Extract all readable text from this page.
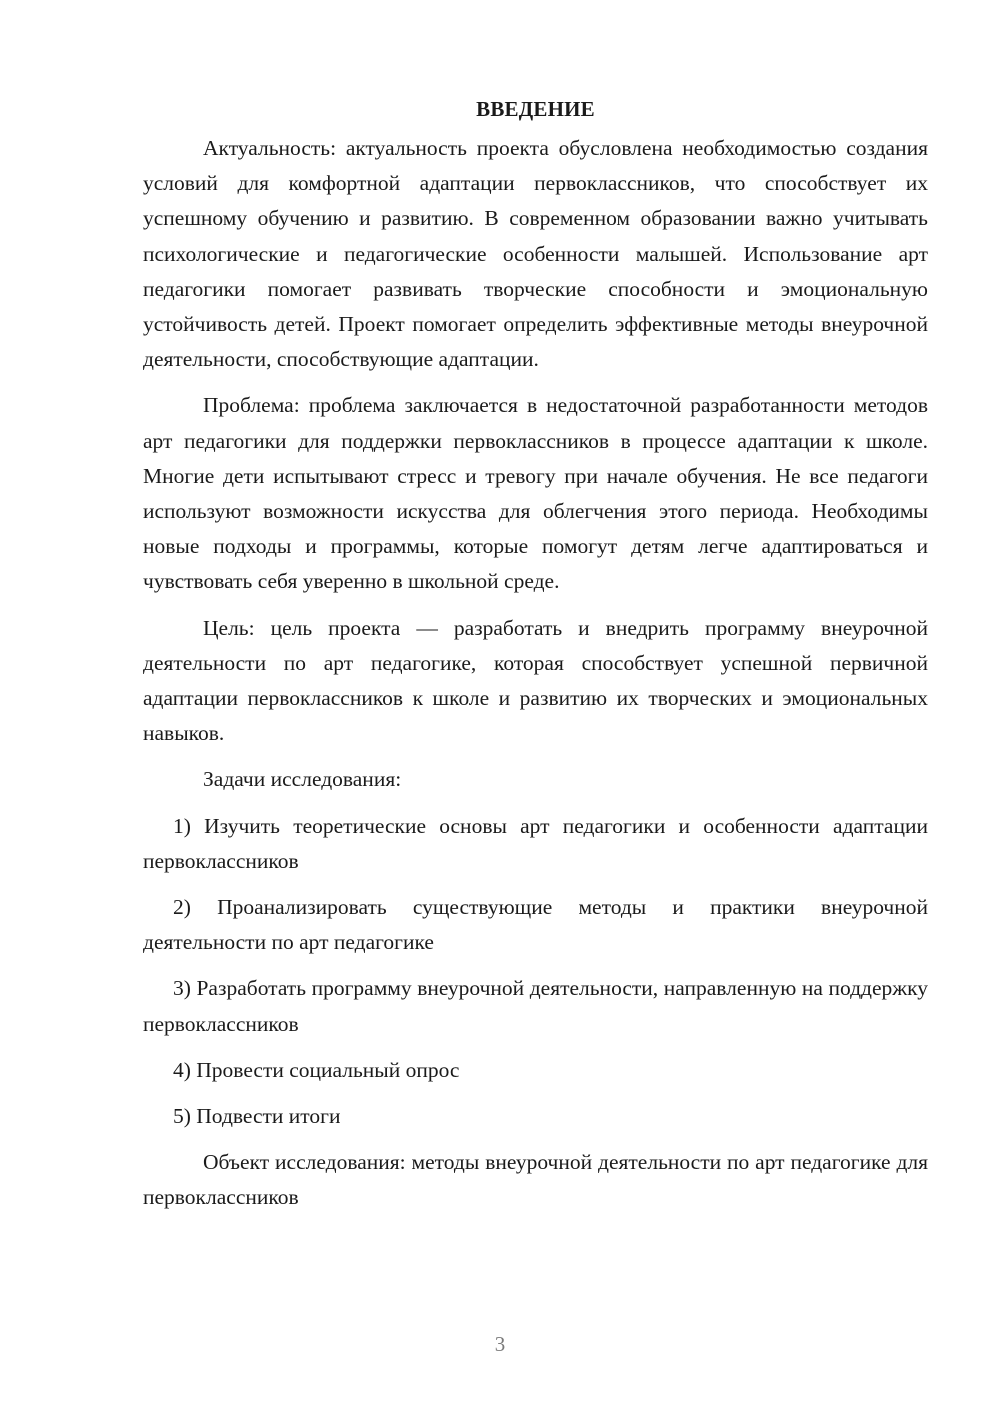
ВВЕДЕНИЕ

Актуальность: актуальность проекта обусловлена необходимостью создания условий для комфортной адаптации первоклассников, что способствует их успешному обучению и развитию. В современном образовании важно учитывать психологические и педагогические особенности малышей. Использование арт педагогики помогает развивать творческие способности и эмоциональную устойчивость детей. Проект помогает определить эффективные методы внеурочной деятельности, способствующие адаптации.

Проблема: проблема заключается в недостаточной разработанности методов арт педагогики для поддержки первоклассников в процессе адаптации к школе. Многие дети испытывают стресс и тревогу при начале обучения. Не все педагоги используют возможности искусства для облегчения этого периода. Необходимы новые подходы и программы, которые помогут детям легче адаптироваться и чувствовать себя уверенно в школьной среде.

Цель: цель проекта — разработать и внедрить программу внеурочной деятельности по арт педагогике, которая способствует успешной первичной адаптации первоклассников к школе и развитию их творческих и эмоциональных навыков.

Задачи исследования:

1) Изучить теоретические основы арт педагогики и особенности адаптации первоклассников

2) Проанализировать существующие методы и практики внеурочной деятельности по арт педагогике

3) Разработать программу внеурочной деятельности, направленную на поддержку первоклассников

4) Провести социальный опрос

5) Подвести итоги

Объект исследования: методы внеурочной деятельности по арт педагогике для первоклассников

3
